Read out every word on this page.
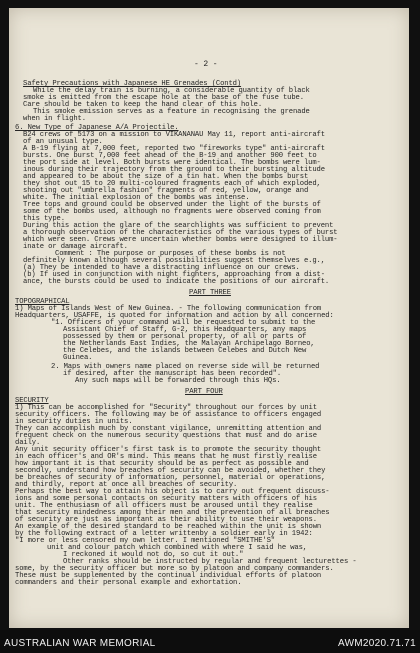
- 2 -
Safety Precautions with Japanese HE Grenades (Contd)
While the delay train is burning, a considerable quantity of black
smoke is emitted from the escape hole at the base of the fuse tube.
Care should be taken to keep the hand clear of this hole.
This smoke emission serves as a feature in recognising the grenade
when in flight.
6. New Type of Japanese A/A Projectile.
B24 crews of 5173 on a mission to VIKANANAU May 11, report anti-aircraft
of an unusual type.
A B-19 flying at 7,000 feet, reported two "fireworks type" anti-aircraft
bursts. One burst 7,000 feet ahead of the B-19 and another 900 feet to
the port side at level. Both bursts were identical. The bombs were lum-
inous during their trajectory from the ground to their bursting altitude
and appeared to be about the size of a tin hat. When the bombs burst
they shot out 15 to 20 multi-coloured fragments each of which exploded,
shooting out "umbrella fashion" fragments of red, yellow, orange and
white. The initial explosion of the bombs was intense.
Tree tops and ground could be observed under the light of the bursts of
some of the bombs used, although no fragments were observed coming from
this type.
During this action the glare of the searchlights was sufficient to prevent
a thorough observation of the characteristics of the various types of burst
which were seen. Crews were uncertain whether bombs were designed to illum-
inate or damage aircraft.
Comment : The purpose or purposes of these bombs is not
definitely known although several possibilities suggest themselves e.g.,
(a) They be intended to have a distracting influence on our crews.
(b) If used in conjunction with night fighters, approaching from a dist-
ance, the bursts could be used to indicate the positions of our aircraft.
PART THREE
TOPOGRAPHICAL
1) Maps of Islands West of New Guinea. - The following communication from
Headquarters, USAFFE, is quoted for information and action by all concerned:
"1. Officers of your command will be requested to submit to the
Assistant Chief of Staff, G-2, this Headquarters, any maps
possessed by them or personal property, of all or parts of
the Netherlands East Indies, the Malayan Archipelago Borneo,
the Celebes, and the islands between Celebes and Dutch New
Guinea.
2. Maps with owners name placed on reverse side will be returned
if desired, after the manuscript has been recorded".
Any such maps will be forwarded through this HQs.
PART FOUR
SECURITY
1) This can be accomplished for "Security" throughout our forces by unit
security officers. The following may be of assistance to officers engaged
in security duties in units.
They can accomplish much by constant vigilance, unremitting attention and
frequent check on the numerous security questions that must and do arise
daily.
Any unit security officer's first task is to promote the security thought
in each officer's and OR's mind. This means that he must firstly realise
how important it is that security should be as perfect as possible and
secondly, understand how breaches of security can be avoided, whether they
be breaches of security of information, personnel, material or operations,
and thirdly, report at once all breaches of security.
Perhaps the best way to attain his object is to carry out frequent discuss-
ions and some personal contacts on security matters with officers of his
unit. The enthusiasm of all officers must be aroused until they realise
that security mindedness among their men and the prevention of all breaches
of security are just as important as their ability to use their weapons.
An example of the desired standard to be reached within the unit is shown
by the following extract of a letter writtenby a soldier early in 1942:
"I more or less censored my own letter. I mentioned "SMITHE'S"
unit and colour patch which combined with where I said he was,
I reckoned it would not do, so cut it out."
Other ranks should be instructed by regular and frequent lecturettes -
some, by the security officer but more so by platoon and company commanders.
These must be supplemented by the continual individual efforts of platoon
commanders and their personal example and exhortation.
AUSTRALIAN WAR MEMORIAL	AWM2020.71.71
